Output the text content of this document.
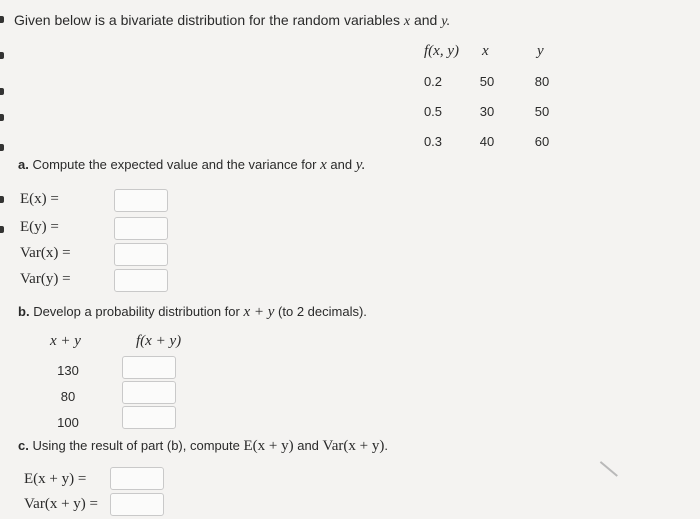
Given below is a bivariate distribution for the random variables x and y.
f(x, y) x	y
0.2	50	80
0.5	30	50
0.3	40	60
a. Compute the expected value and the variance for x and y.
E(x) =
E(y) =
Var(x) =
Var(y) =
b. Develop a probability distribution for x + y (to 2 decimals).
x + y	f(x + y)
130
80
100
c. Using the result of part (b), compute E(x + y) and Var(x + y).
E(x + y) =
Var(x + y) =
